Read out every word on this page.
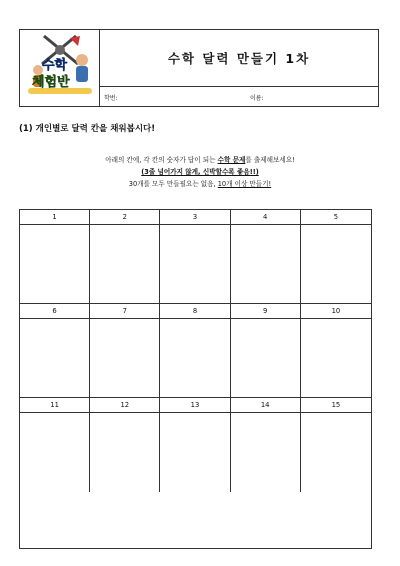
수학
체험반
수학 달력 만들기 1차
학번:	이름:
(1) 개인별로 달력 칸을 채워봅시다!
아래의 칸에, 각 칸의 숫자가 답이 되는 수학 문제를 출제해보세요!
(3줄 넘어가지 않게, 신박할수록 좋음!!)
30개를 모두 만들필요는 없음, 10개 이상 만들기!
1	2	3	4	5
6	7	8	9	10
11	12	13	14	15
